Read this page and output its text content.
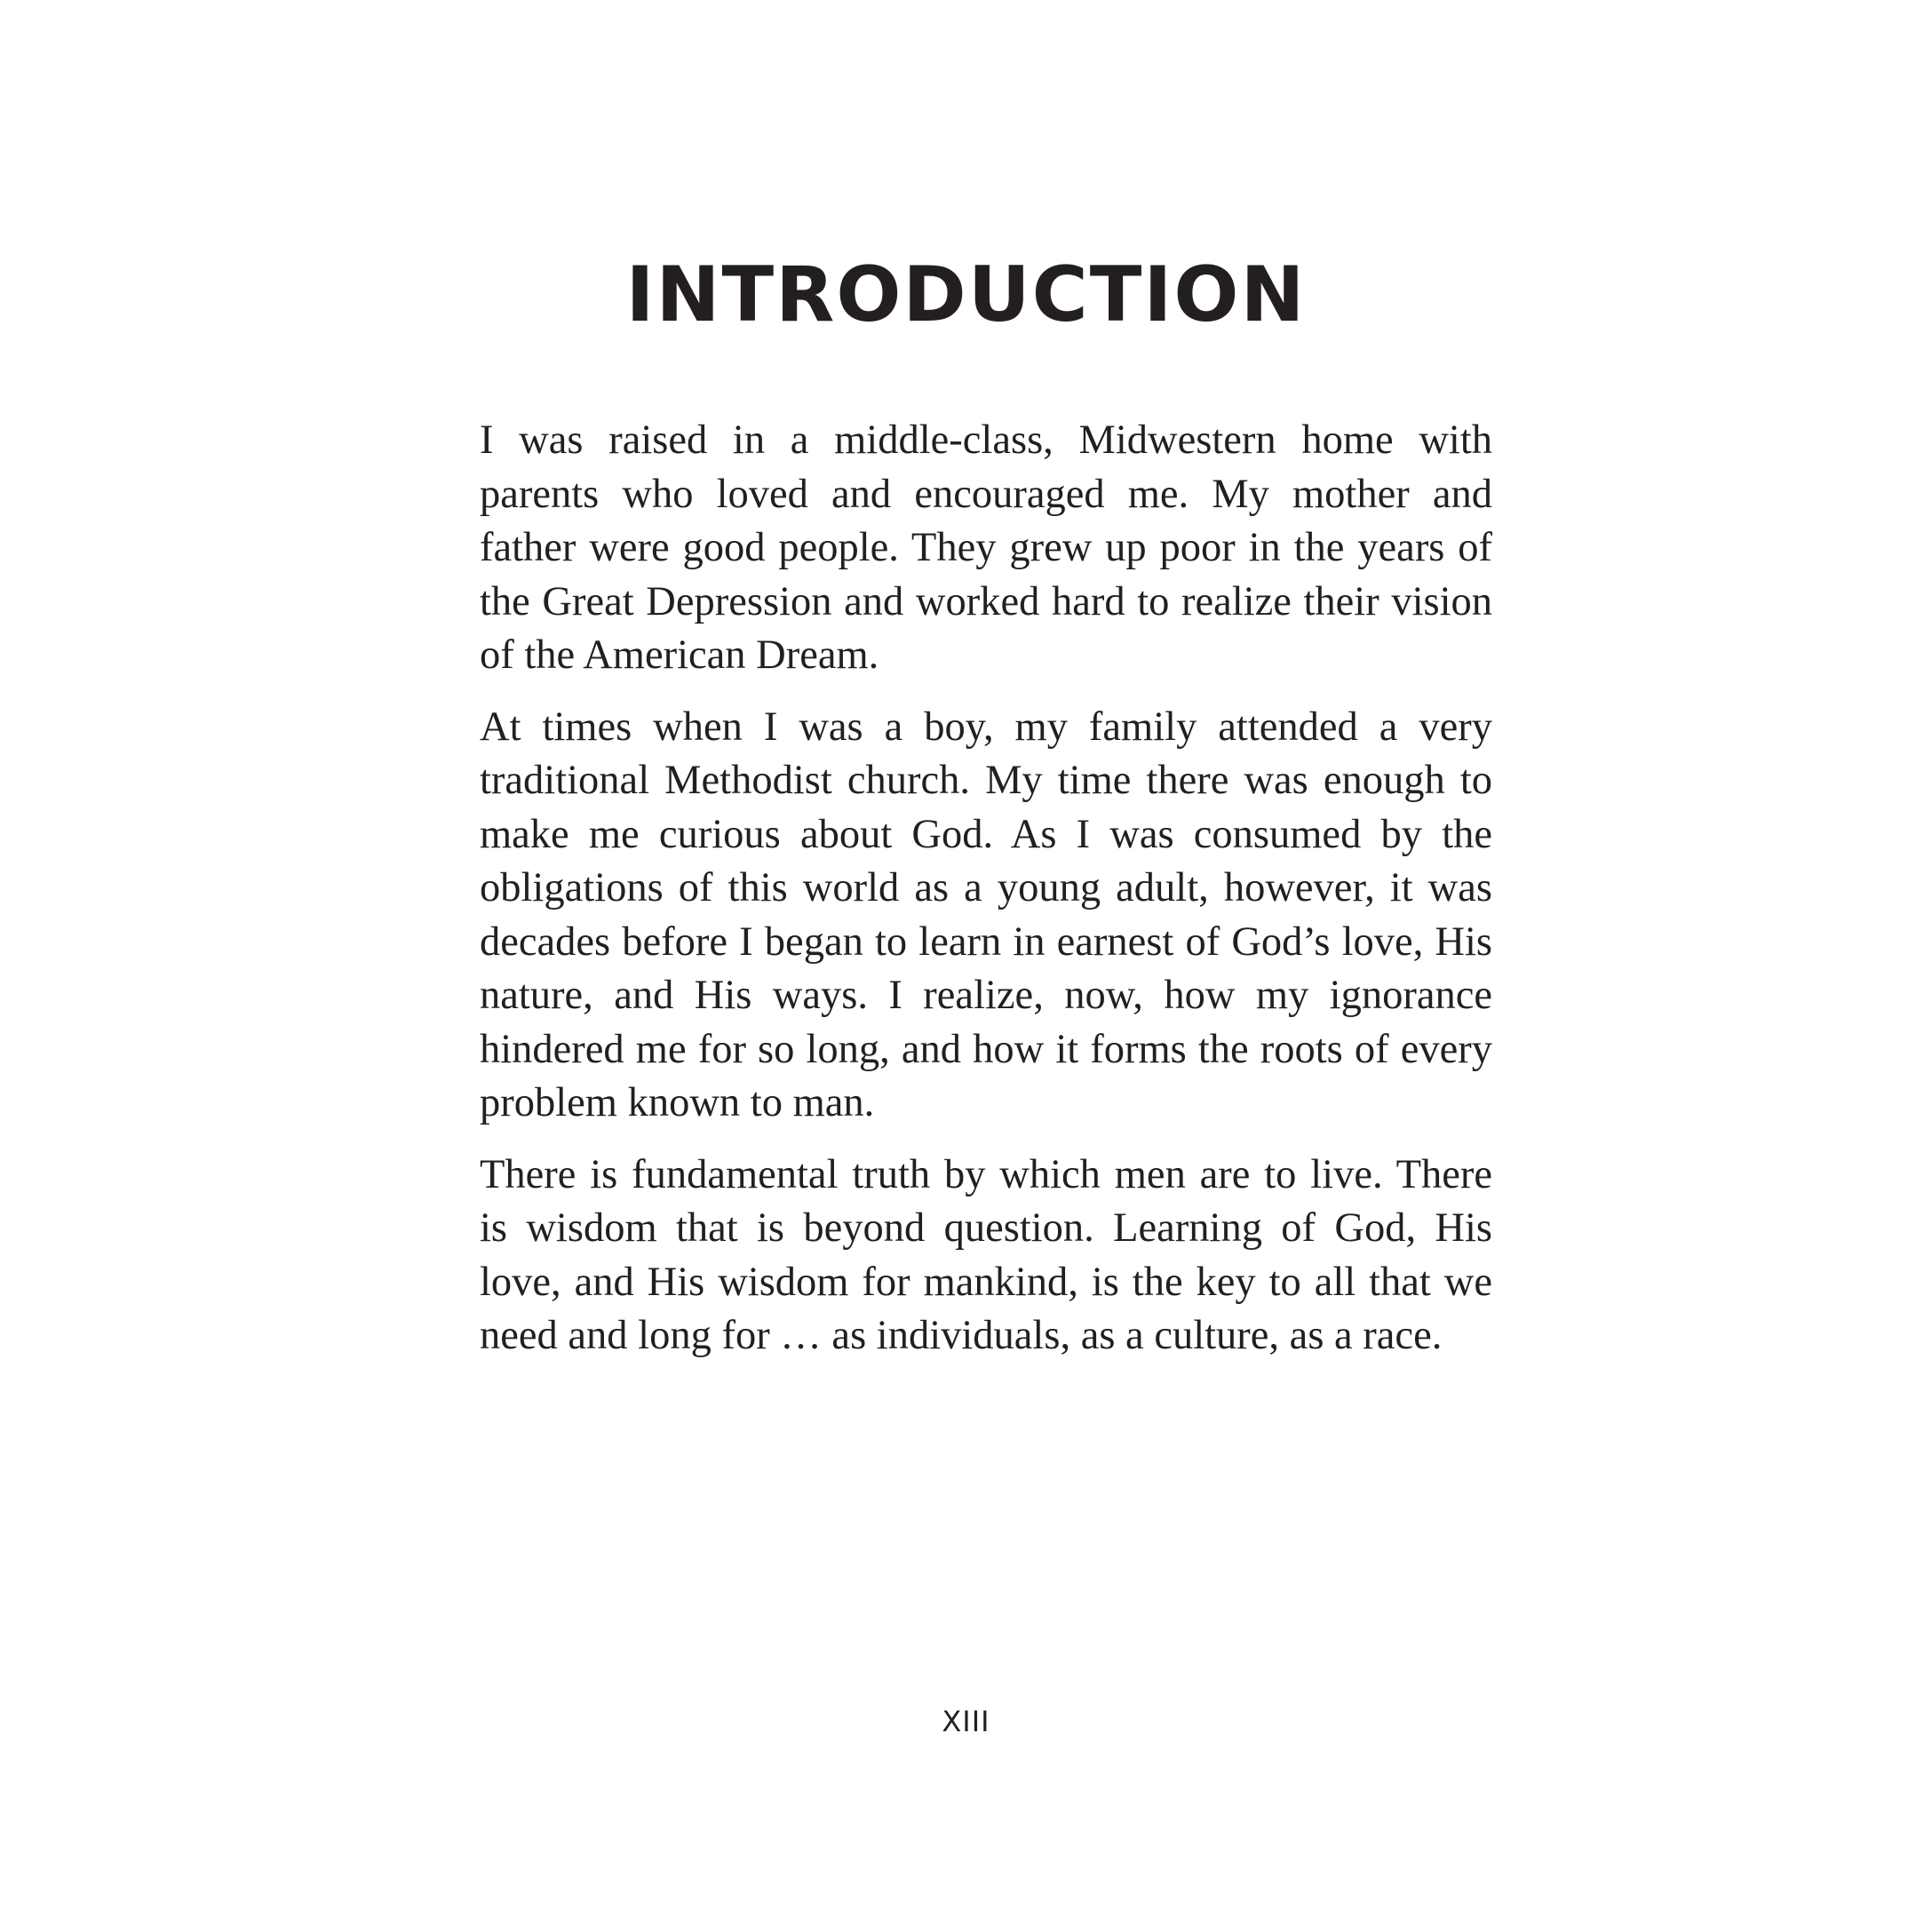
INTRODUCTION

I was raised in a middle-class, Midwestern home with parents who loved and encouraged me. My mother and father were good people. They grew up poor in the years of the Great Depression and worked hard to realize their vision of the American Dream.

At times when I was a boy, my family attended a very traditional Methodist church. My time there was enough to make me curious about God. As I was consumed by the obligations of this world as a young adult, however, it was decades before I began to learn in earnest of God’s love, His nature, and His ways. I realize, now, how my ignorance hindered me for so long, and how it forms the roots of every problem known to man.

There is fundamental truth by which men are to live. There is wisdom that is beyond question. Learning of God, His love, and His wisdom for mankind, is the key to all that we need and long for … as individuals, as a culture, as a race.

XIII
